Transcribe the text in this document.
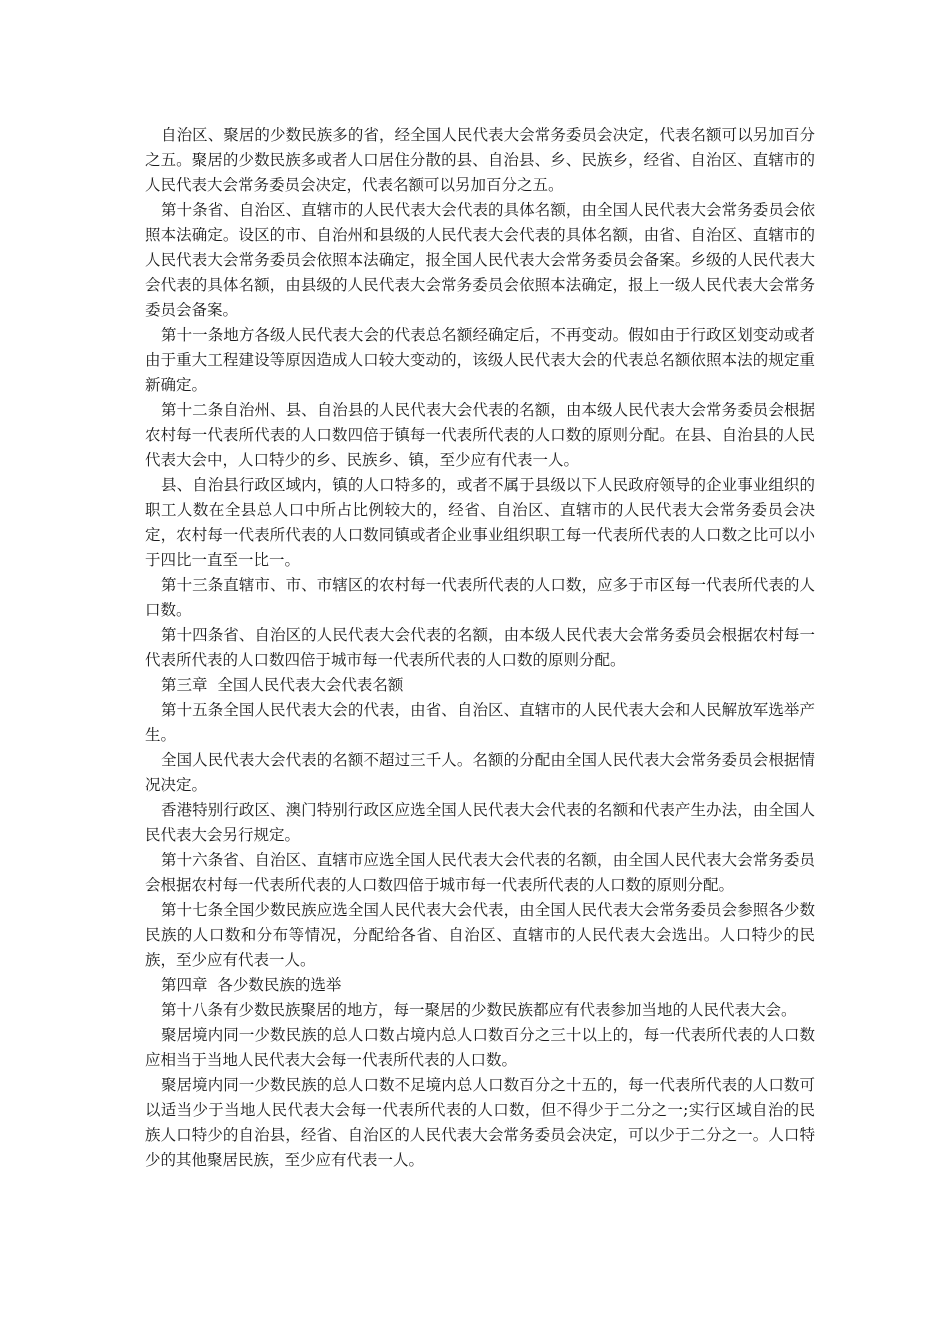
自治区、聚居的少数民族多的省，经全国人民代表大会常务委员会决定，代表名额可以另加百分之五。聚居的少数民族多或者人口居住分散的县、自治县、乡、民族乡，经省、自治区、直辖市的人民代表大会常务委员会决定，代表名额可以另加百分之五。

第十条省、自治区、直辖市的人民代表大会代表的具体名额，由全国人民代表大会常务委员会依照本法确定。设区的市、自治州和县级的人民代表大会代表的具体名额，由省、自治区、直辖市的人民代表大会常务委员会依照本法确定，报全国人民代表大会常务委员会备案。乡级的人民代表大会代表的具体名额，由县级的人民代表大会常务委员会依照本法确定，报上一级人民代表大会常务委员会备案。

第十一条地方各级人民代表大会的代表总名额经确定后，不再变动。假如由于行政区划变动或者由于重大工程建设等原因造成人口较大变动的，该级人民代表大会的代表总名额依照本法的规定重新确定。

第十二条自治州、县、自治县的人民代表大会代表的名额，由本级人民代表大会常务委员会根据农村每一代表所代表的人口数四倍于镇每一代表所代表的人口数的原则分配。在县、自治县的人民代表大会中，人口特少的乡、民族乡、镇，至少应有代表一人。

县、自治县行政区域内，镇的人口特多的，或者不属于县级以下人民政府领导的企业事业组织的职工人数在全县总人口中所占比例较大的，经省、自治区、直辖市的人民代表大会常务委员会决定，农村每一代表所代表的人口数同镇或者企业事业组织职工每一代表所代表的人口数之比可以小于四比一直至一比一。

第十三条直辖市、市、市辖区的农村每一代表所代表的人口数，应多于市区每一代表所代表的人口数。

第十四条省、自治区的人民代表大会代表的名额，由本级人民代表大会常务委员会根据农村每一代表所代表的人口数四倍于城市每一代表所代表的人口数的原则分配。

第三章  全国人民代表大会代表名额

第十五条全国人民代表大会的代表，由省、自治区、直辖市的人民代表大会和人民解放军选举产生。

全国人民代表大会代表的名额不超过三千人。名额的分配由全国人民代表大会常务委员会根据情况决定。

香港特别行政区、澳门特别行政区应选全国人民代表大会代表的名额和代表产生办法，由全国人民代表大会另行规定。

第十六条省、自治区、直辖市应选全国人民代表大会代表的名额，由全国人民代表大会常务委员会根据农村每一代表所代表的人口数四倍于城市每一代表所代表的人口数的原则分配。

第十七条全国少数民族应选全国人民代表大会代表，由全国人民代表大会常务委员会参照各少数民族的人口数和分布等情况，分配给各省、自治区、直辖市的人民代表大会选出。人口特少的民族，至少应有代表一人。

第四章  各少数民族的选举

第十八条有少数民族聚居的地方，每一聚居的少数民族都应有代表参加当地的人民代表大会。

聚居境内同一少数民族的总人口数占境内总人口数百分之三十以上的，每一代表所代表的人口数应相当于当地人民代表大会每一代表所代表的人口数。

聚居境内同一少数民族的总人口数不足境内总人口数百分之十五的，每一代表所代表的人口数可以适当少于当地人民代表大会每一代表所代表的人口数，但不得少于二分之一;实行区域自治的民族人口特少的自治县，经省、自治区的人民代表大会常务委员会决定，可以少于二分之一。人口特少的其他聚居民族，至少应有代表一人。
